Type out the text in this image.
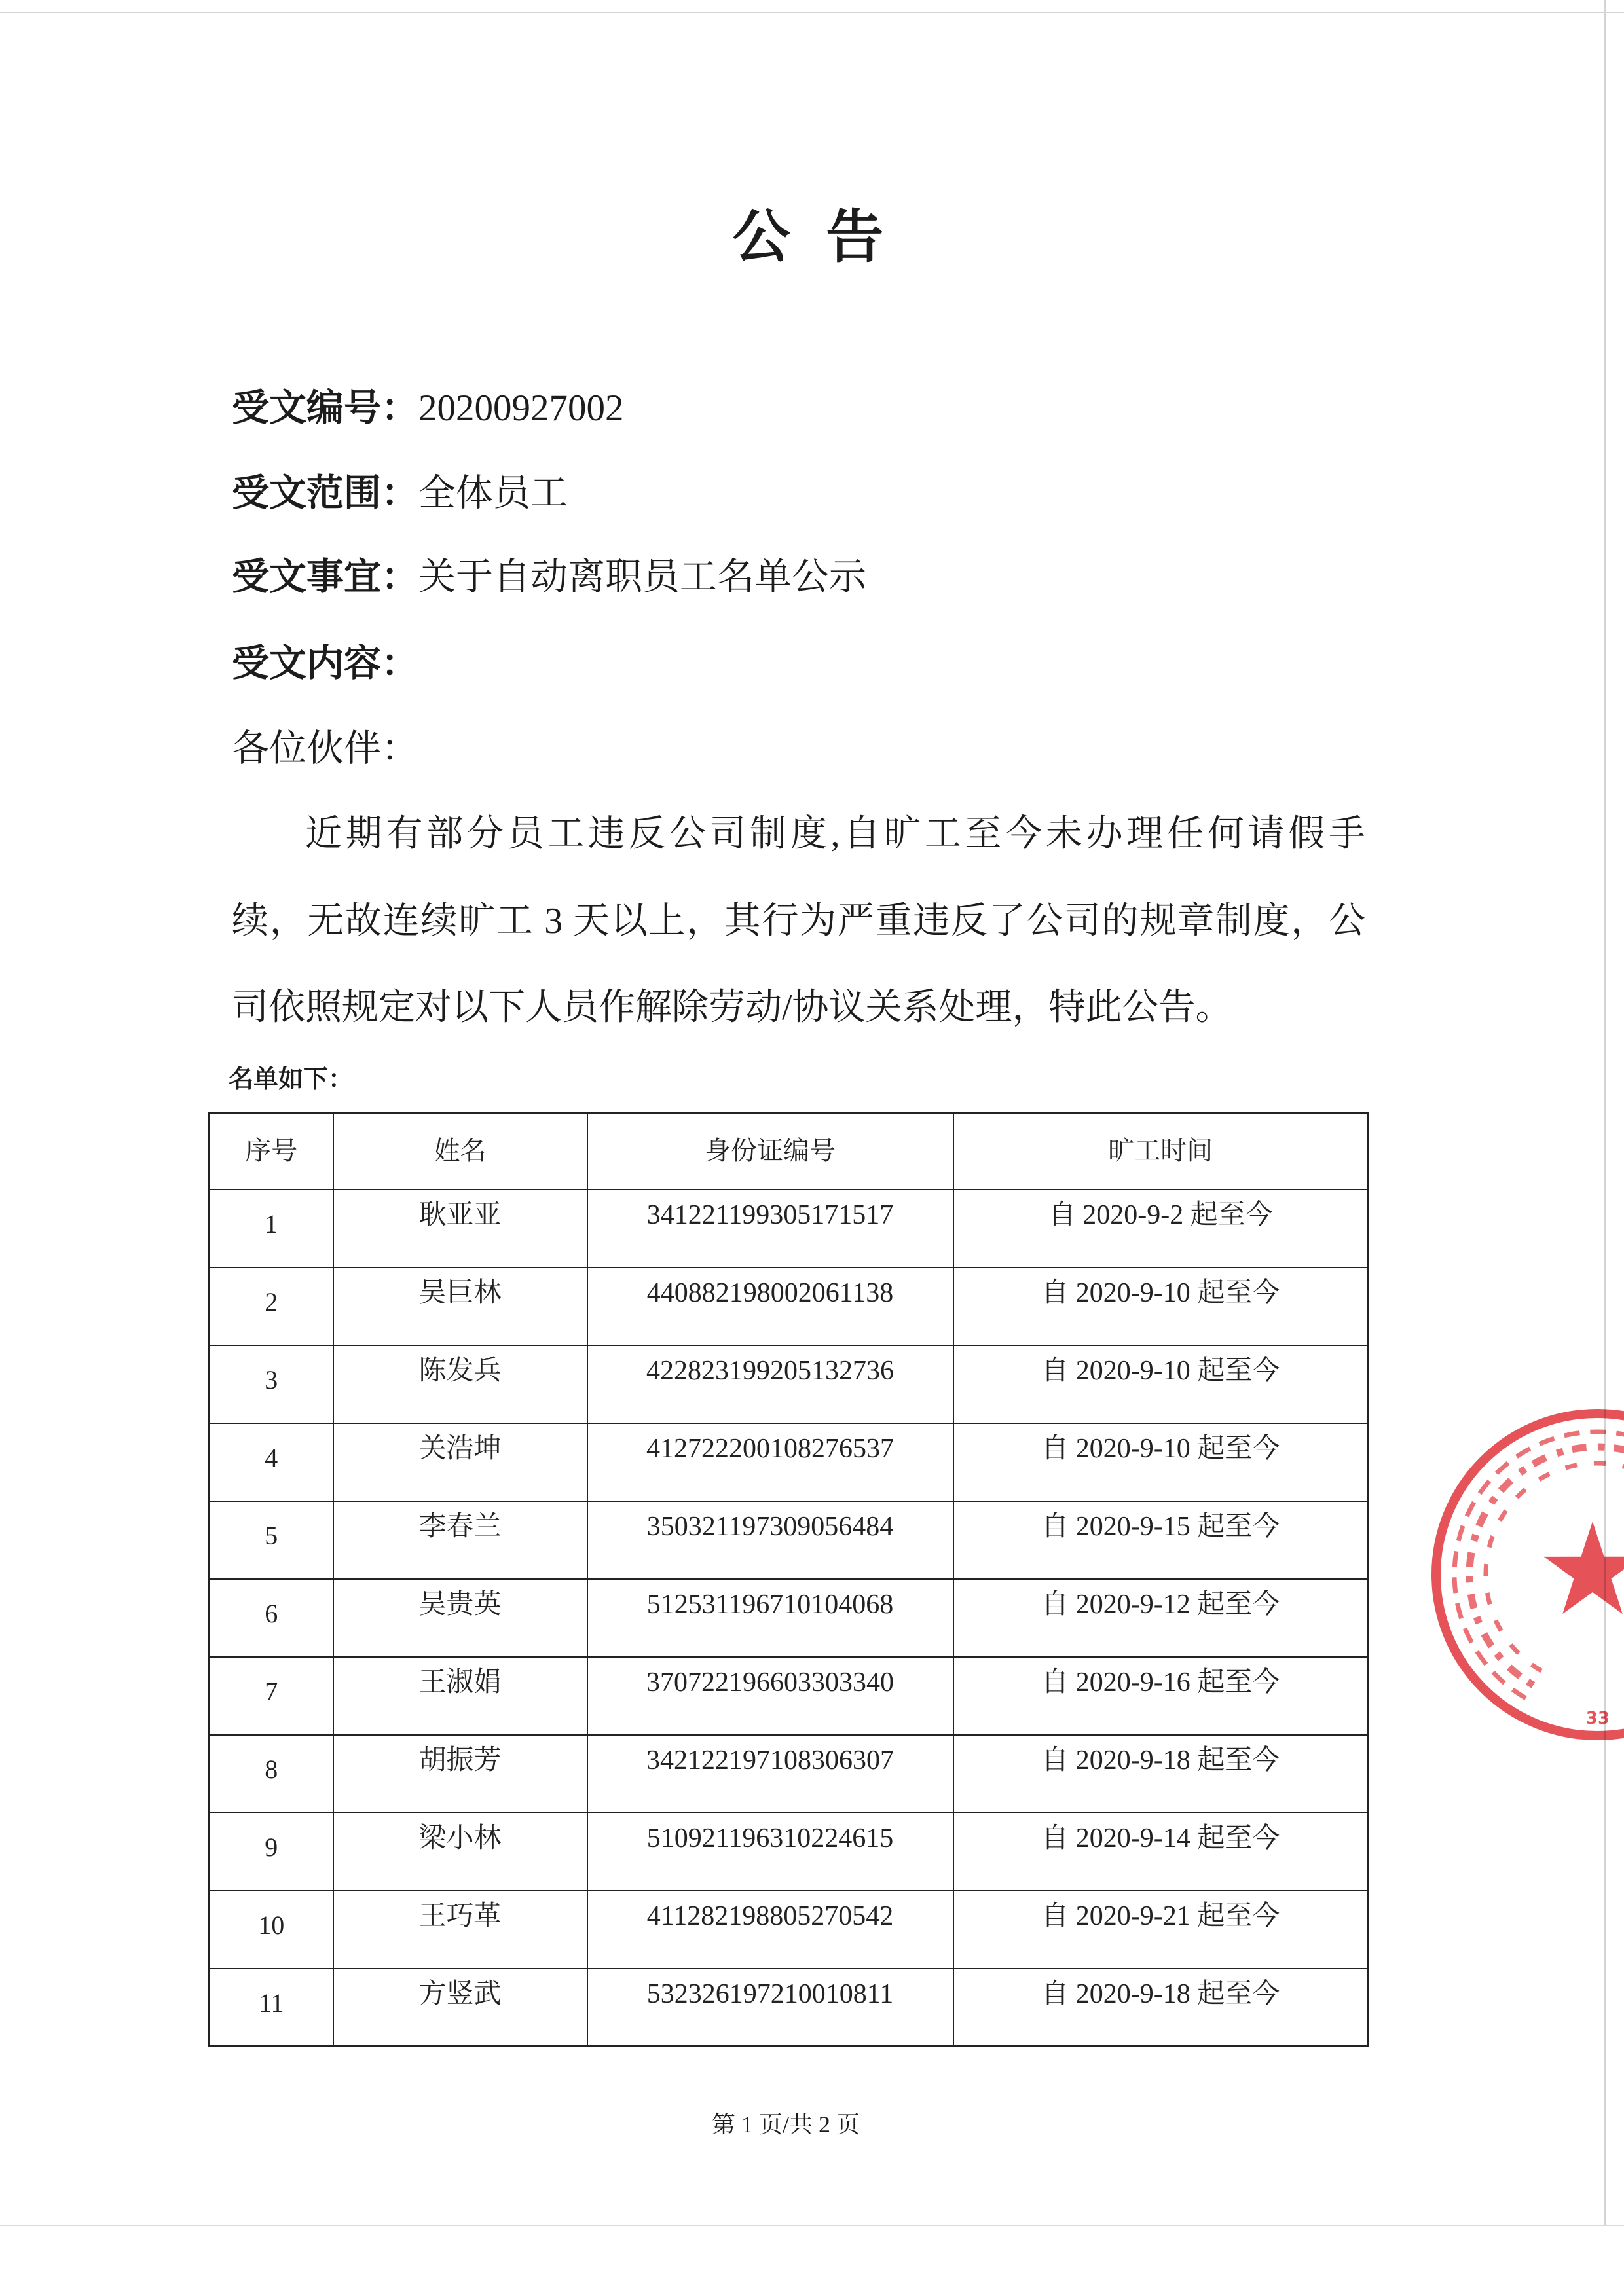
公 告
受文编号：20200927002
受文范围：全体员工
受文事宜：关于自动离职员工名单公示
受文内容：
各位伙伴：
近期有部分员工违反公司制度,自旷工至今未办理任何请假手
续，无故连续旷工 3 天以上，其行为严重违反了公司的规章制度，公
司依照规定对以下人员作解除劳动/协议关系处理，特此公告。
名单如下：
序号	姓名	身份证编号	旷工时间
1	耿亚亚	341221199305171517	自 2020-9-2 起至今
2	吴巨林	440882198002061138	自 2020-9-10 起至今
3	陈发兵	422823199205132736	自 2020-9-10 起至今
4	关浩坤	412722200108276537	自 2020-9-10 起至今
5	李春兰	350321197309056484	自 2020-9-15 起至今
6	吴贵英	512531196710104068	自 2020-9-12 起至今
7	王淑娟	370722196603303340	自 2020-9-16 起至今
8	胡振芳	342122197108306307	自 2020-9-18 起至今
9	梁小林	510921196310224615	自 2020-9-14 起至今
10	王巧革	411282198805270542	自 2020-9-21 起至今
11	方竖武	532326197210010811	自 2020-9-18 起至今
第 1 页/共 2 页
33
